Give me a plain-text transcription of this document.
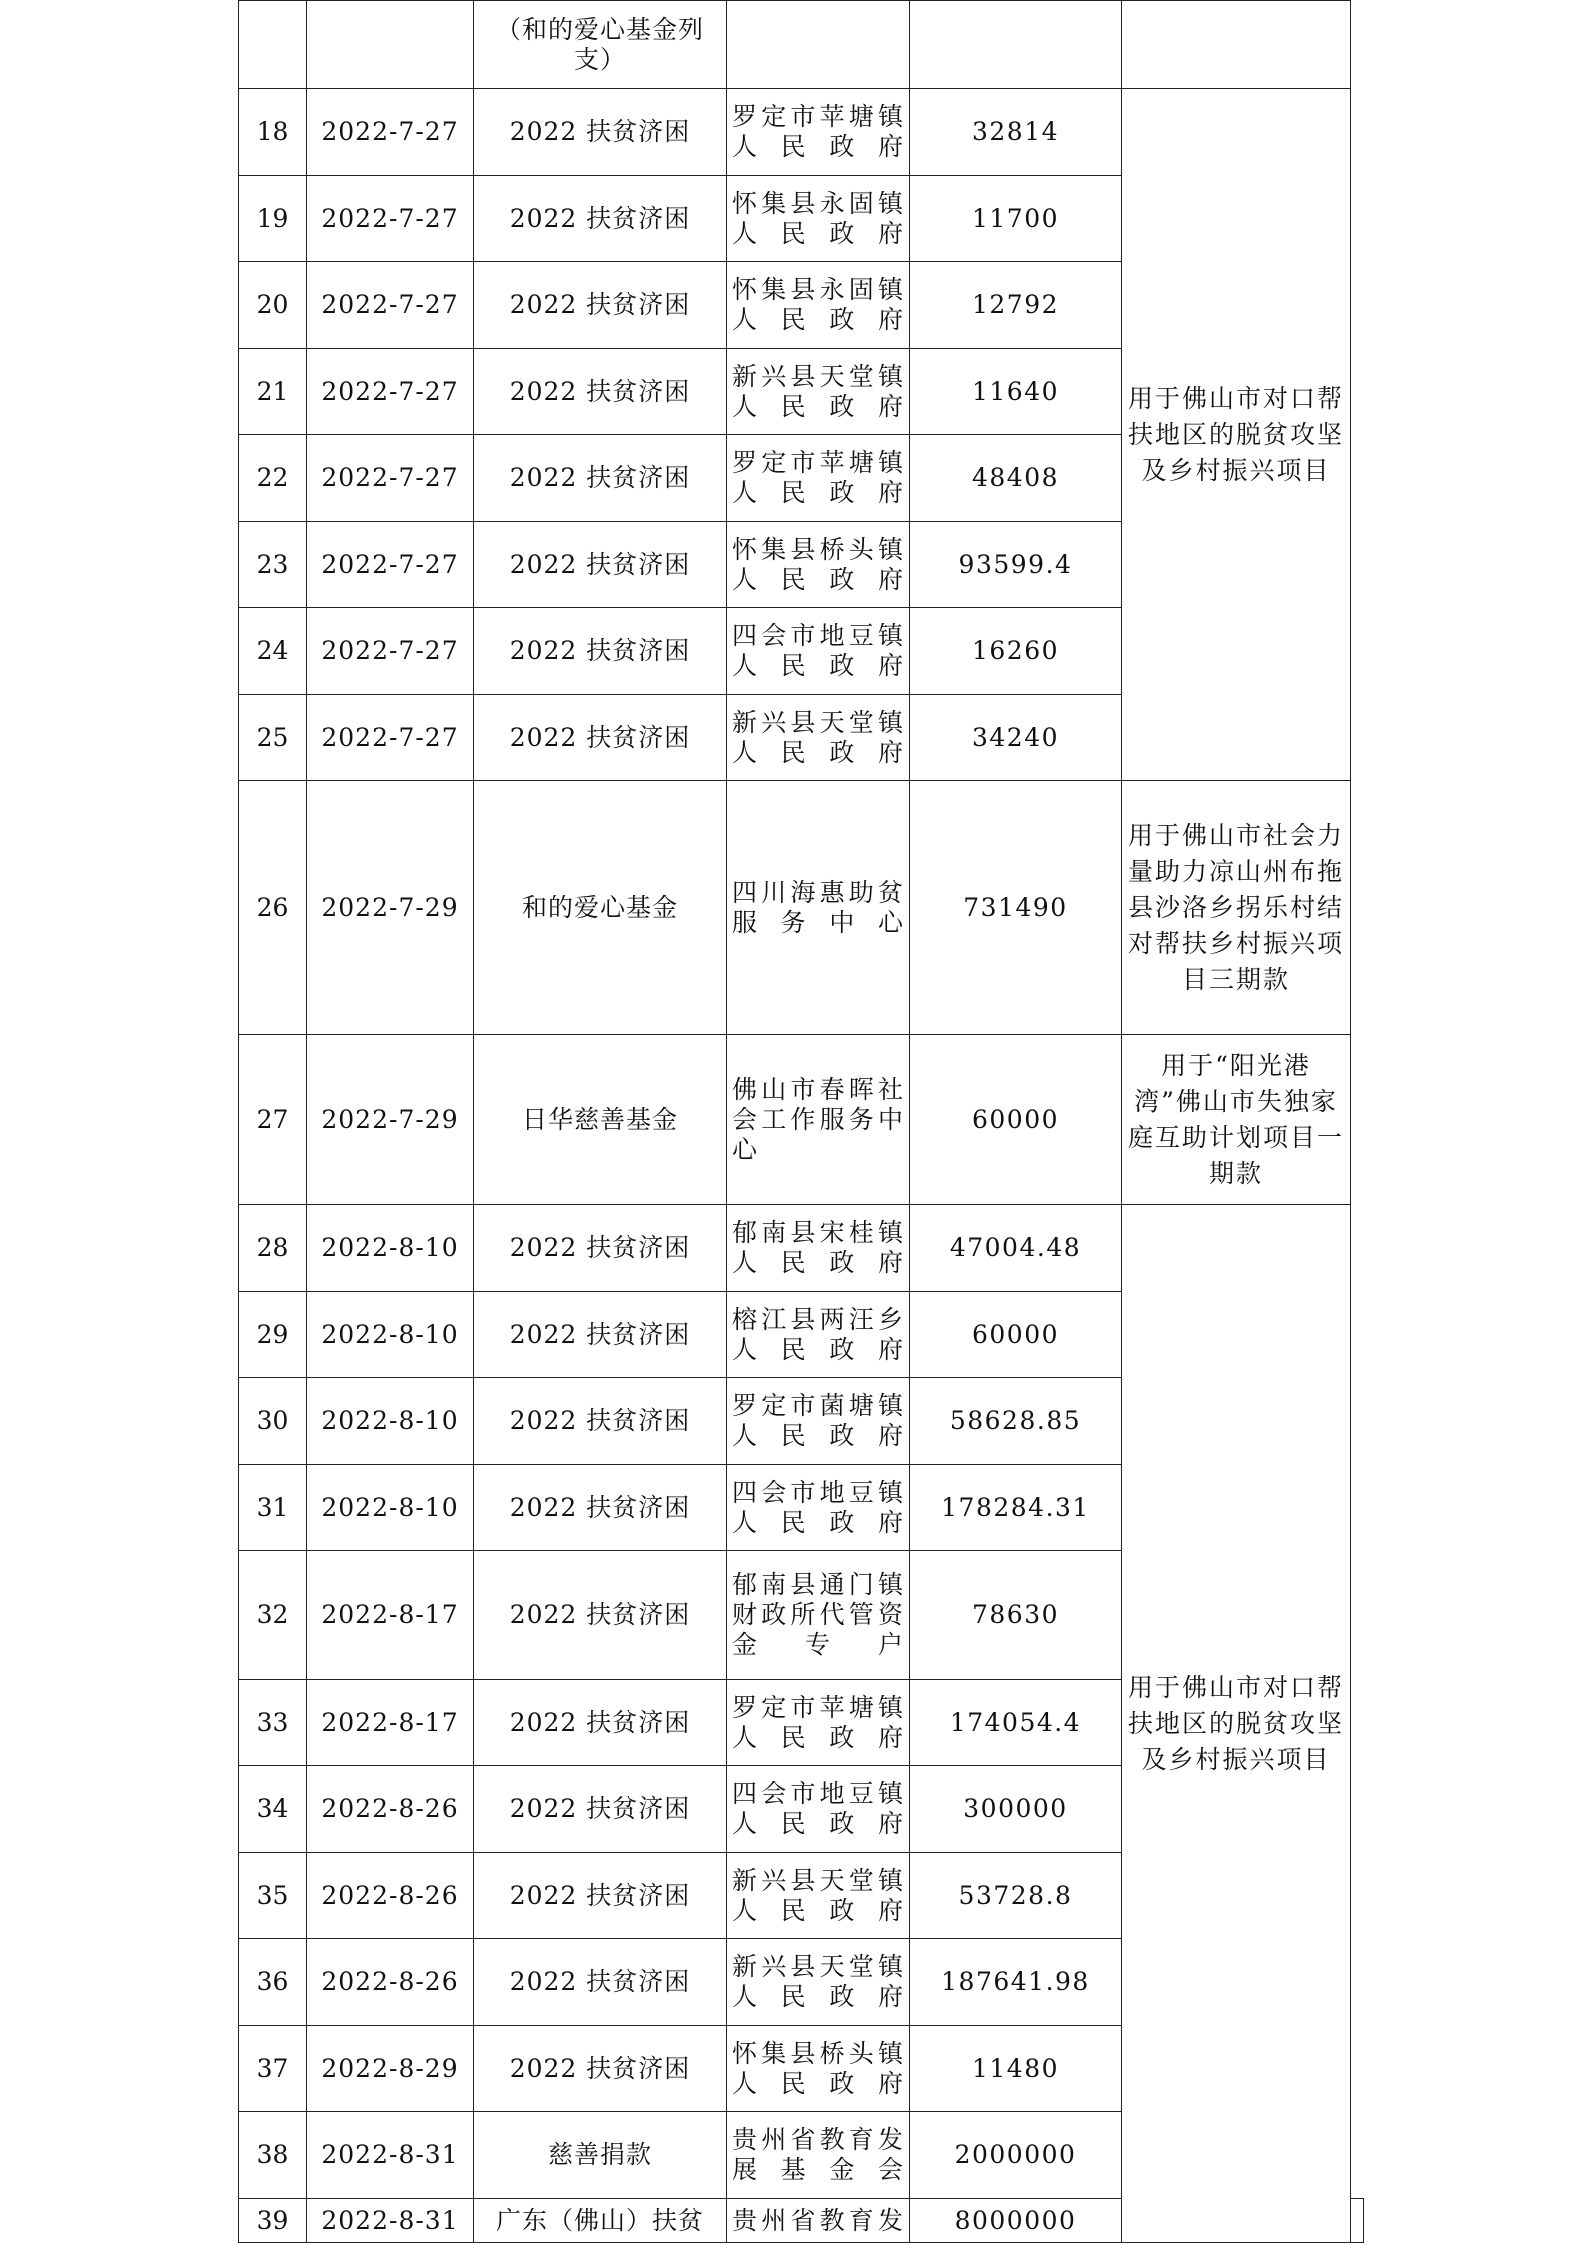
		（和的爱心基金列支）				
18	2022-7-27	2022 扶贫济困	罗定市苹塘镇人民政府	32814	用于佛山市对口帮扶地区的脱贫攻坚及乡村振兴项目	
19	2022-7-27	2022 扶贫济困	怀集县永固镇人民政府	11700		
20	2022-7-27	2022 扶贫济困	怀集县永固镇人民政府	12792		
21	2022-7-27	2022 扶贫济困	新兴县天堂镇人民政府	11640		
22	2022-7-27	2022 扶贫济困	罗定市苹塘镇人民政府	48408		
23	2022-7-27	2022 扶贫济困	怀集县桥头镇人民政府	93599.4		
24	2022-7-27	2022 扶贫济困	四会市地豆镇人民政府	16260		
25	2022-7-27	2022 扶贫济困	新兴县天堂镇人民政府	34240		
26	2022-7-29	和的爱心基金	四川海惠助贫服务中心	731490	用于佛山市社会力量助力凉山州布拖县沙洛乡拐乐村结对帮扶乡村振兴项目三期款	
27	2022-7-29	日华慈善基金	佛山市春晖社会工作服务中心	60000	用于“阳光港湾”佛山市失独家庭互助计划项目一期款	
28	2022-8-10	2022 扶贫济困	郁南县宋桂镇人民政府	47004.48	用于佛山市对口帮扶地区的脱贫攻坚及乡村振兴项目	
29	2022-8-10	2022 扶贫济困	榕江县两汪乡人民政府	60000		
30	2022-8-10	2022 扶贫济困	罗定市菌塘镇人民政府	58628.85		
31	2022-8-10	2022 扶贫济困	四会市地豆镇人民政府	178284.31		
32	2022-8-17	2022 扶贫济困	郁南县通门镇财政所代管资金专户	78630		
33	2022-8-17	2022 扶贫济困	罗定市苹塘镇人民政府	174054.4		
34	2022-8-26	2022 扶贫济困	四会市地豆镇人民政府	300000		
35	2022-8-26	2022 扶贫济困	新兴县天堂镇人民政府	53728.8		
36	2022-8-26	2022 扶贫济困	新兴县天堂镇人民政府	187641.98		
37	2022-8-29	2022 扶贫济困	怀集县桥头镇人民政府	11480		
38	2022-8-31	慈善捐款	贵州省教育发展基金会	2000000		
39	2022-8-31	广东（佛山）扶贫	贵州省教育发	8000000		
